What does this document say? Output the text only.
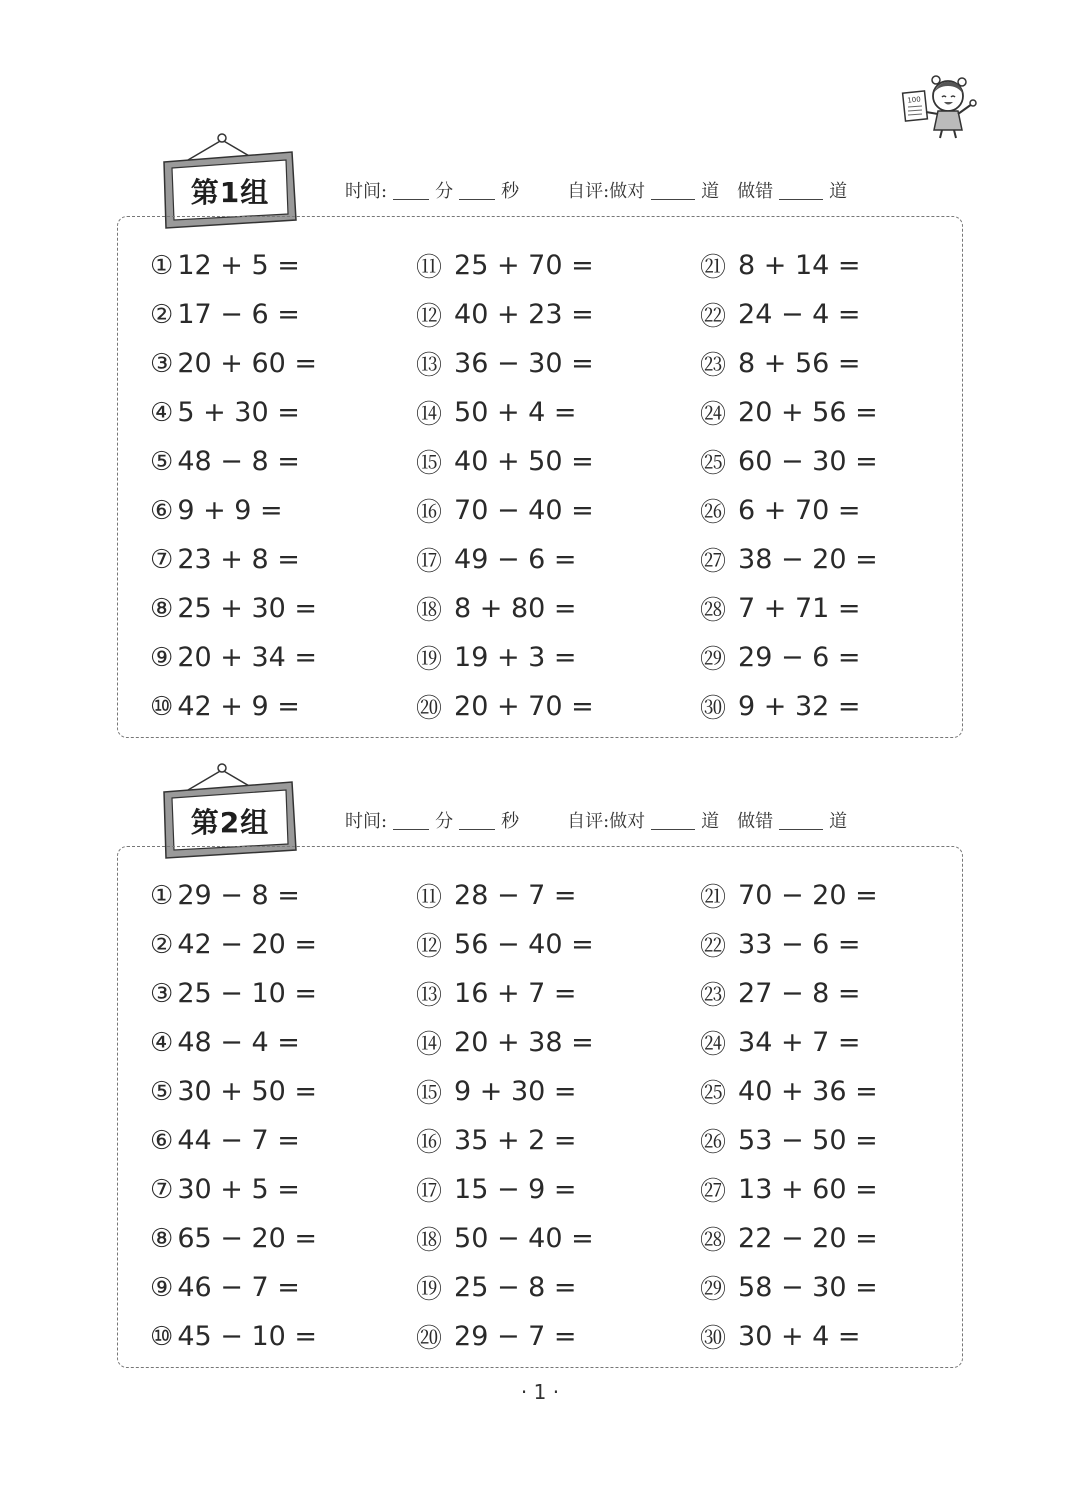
100
第1组	时间:	分	秒	自评:做对	道 做错	道
① 12 + 5 =
② 17 − 6 =
③ 20 + 60 =
④ 5 + 30 =
⑤ 48 − 8 =
⑥ 9 + 9 =
⑦ 23 + 8 =
⑧ 25 + 30 =
⑨ 20 + 34 =
⑩ 42 + 9 =
⑪ 25 + 70 =
⑫ 40 + 23 =
⑬ 36 − 30 =
⑭ 50 + 4 =
⑮ 40 + 50 =
⑯ 70 − 40 =
⑰ 49 − 6 =
⑱ 8 + 80 =
⑲ 19 + 3 =
⑳ 20 + 70 =
㉑ 8 + 14 =
㉒ 24 − 4 =
㉓ 8 + 56 =
㉔ 20 + 56 =
㉕ 60 − 30 =
㉖ 6 + 70 =
㉗ 38 − 20 =
㉘ 7 + 71 =
㉙ 29 − 6 =
㉚ 9 + 32 =
第2组	时间:	分	秒	自评:做对	道 做错	道
① 29 − 8 =
② 42 − 20 =
③ 25 − 10 =
④ 48 − 4 =
⑤ 30 + 50 =
⑥ 44 − 7 =
⑦ 30 + 5 =
⑧ 65 − 20 =
⑨ 46 − 7 =
⑩ 45 − 10 =
⑪ 28 − 7 =
⑫ 56 − 40 =
⑬ 16 + 7 =
⑭ 20 + 38 =
⑮ 9 + 30 =
⑯ 35 + 2 =
⑰ 15 − 9 =
⑱ 50 − 40 =
⑲ 25 − 8 =
⑳ 29 − 7 =
㉑ 70 − 20 =
㉒ 33 − 6 =
㉓ 27 − 8 =
㉔ 34 + 7 =
㉕ 40 + 36 =
㉖ 53 − 50 =
㉗ 13 + 60 =
㉘ 22 − 20 =
㉙ 58 − 30 =
㉚ 30 + 4 =
· 1 ·
